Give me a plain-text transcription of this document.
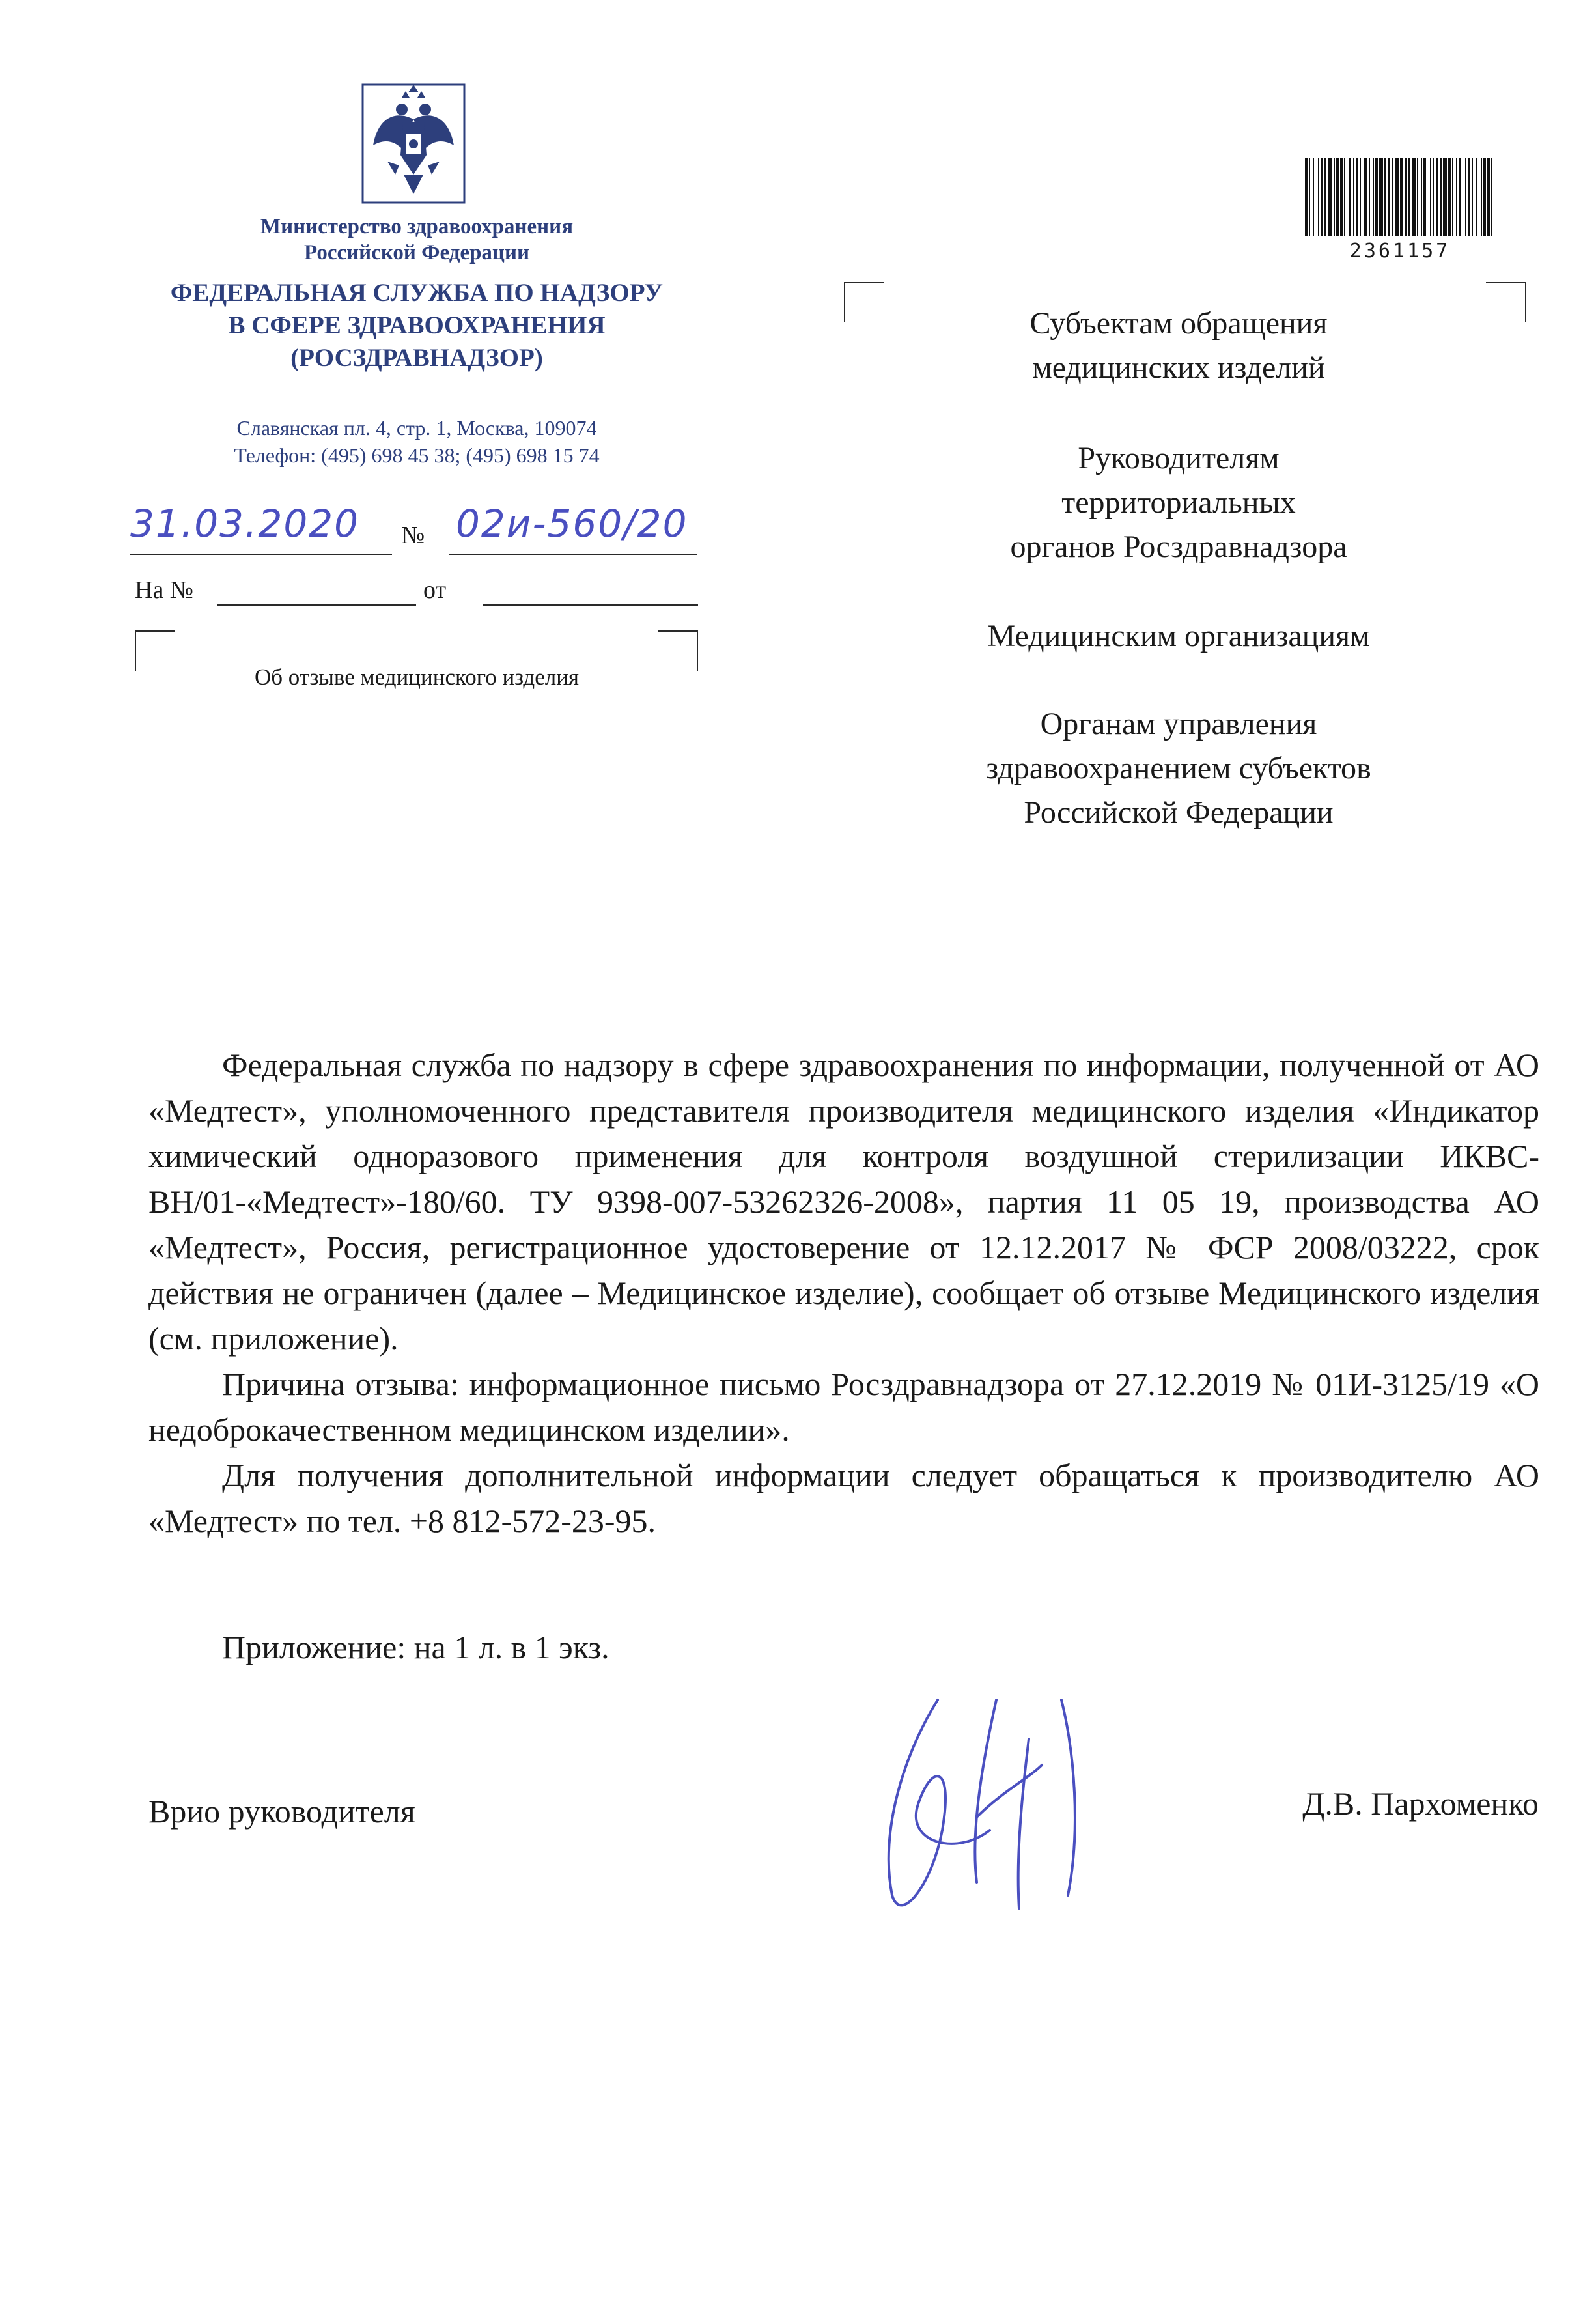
Министерство здравоохранения
Российской Федерации
ФЕДЕРАЛЬНАЯ СЛУЖБА ПО НАДЗОРУ
В СФЕРЕ ЗДРАВООХРАНЕНИЯ
(РОСЗДРАВНАДЗОР)
Славянская пл. 4, стр. 1, Москва, 109074
Телефон: (495) 698 45 38; (495) 698 15 74
31.03.2020 № 02и-560/20
На №	от
Об отзыве медицинского изделия
2361157
Субъектам обращения
медицинских изделий
Руководителям
территориальных
органов Росздравнадзора
Медицинским организациям
Органам управления
здравоохранением субъектов
Российской Федерации

Федеральная служба по надзору в сфере здравоохранения по информации, полученной от АО «Медтест», уполномоченного представителя производителя медицинского изделия «Индикатор химический одноразового применения для контроля воздушной стерилизации ИКВС-ВН/01-«Медтест»-180/60. ТУ 9398-007-53262326-2008», партия 11 05 19, производства АО «Медтест», Россия, регистрационное удостоверение от 12.12.2017 № ФСР 2008/03222, срок действия не ограничен (далее – Медицинское изделие), сообщает об отзыве Медицинского изделия (см. приложение).

Причина отзыва: информационное письмо Росздравнадзора от 27.12.2019 № 01И-3125/19 «О недоброкачественном медицинском изделии».

Для получения дополнительной информации следует обращаться к производителю АО «Медтест» по тел. +8 812-572-23-95.

Приложение: на 1 л. в 1 экз.
Врио руководителя	Д.В. Пархоменко
